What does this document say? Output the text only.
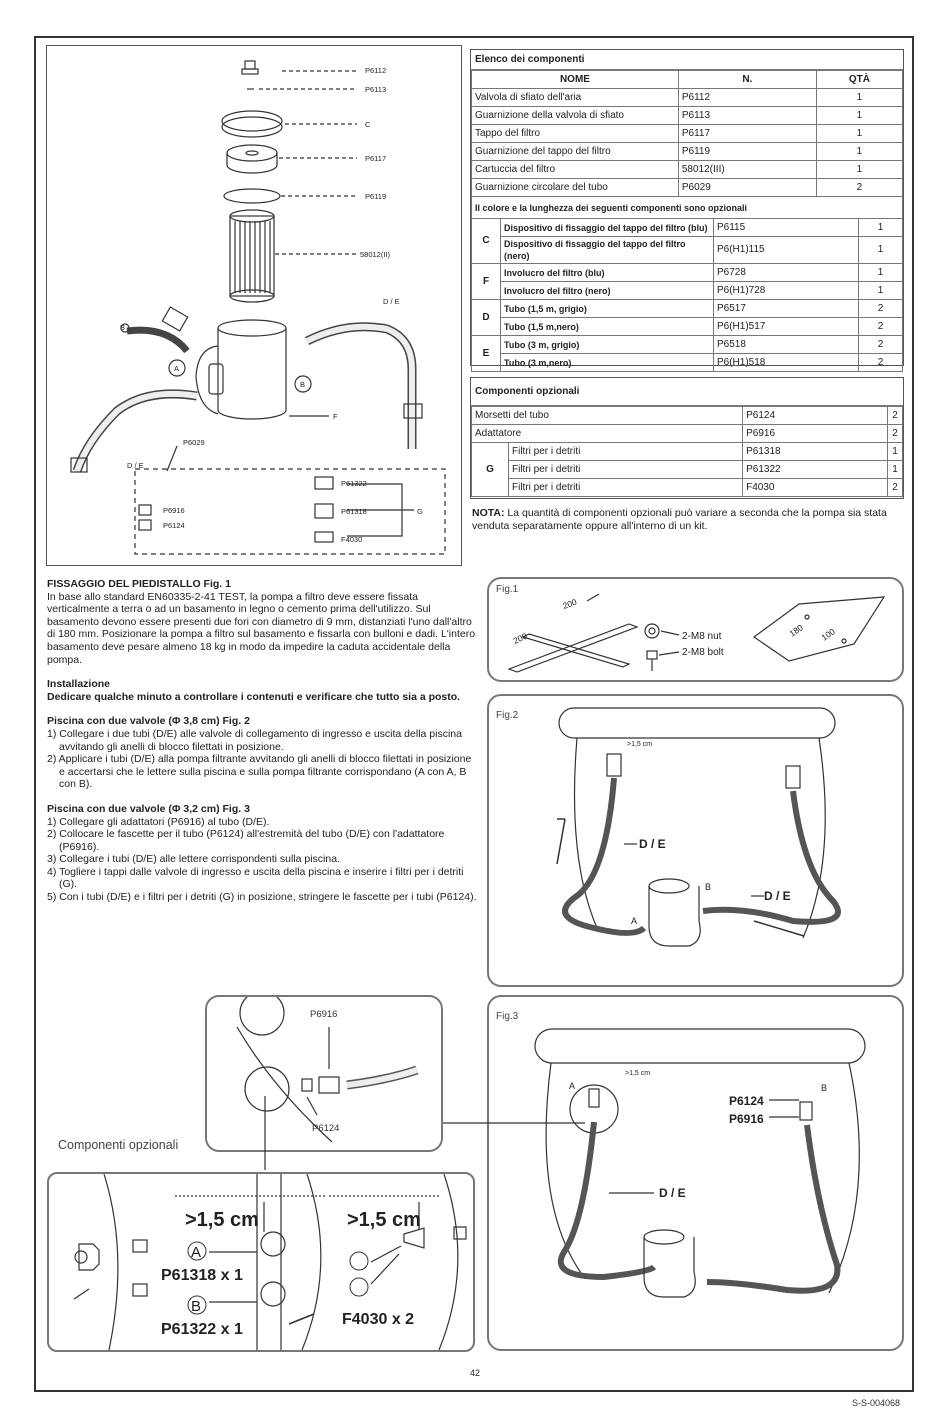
P6112
P6113
C
P6117
P6119
58012(II)
D / E
B
A
B
F
P6029
D / E
P61322
P61318	G
F4030
P6916
P6124
Elenco dei componenti
NOME	N.	QTÀ
Valvola di sfiato dell'aria	P6112	1
Guarnizione della valvola di sfiato	P6113	1
Tappo del filtro	P6117	1
Guarnizione del tappo del filtro	P6119	1
Cartuccia del filtro	58012(III)	1
Guarnizione circolare del tubo	P6029	2
Il colore e la lunghezza dei seguenti componenti sono opzionali		
C	Dispositivo di fissaggio del tappo del filtro (blu)	P6115	1
	Dispositivo di fissaggio del tappo del filtro (nero)	P6(H1)115	1
F	Involucro del filtro (blu)	P6728	1
	Involucro del filtro (nero)	P6(H1)728	1
D	Tubo (1,5 m, grigio)	P6517	2
	Tubo (1,5 m,nero)	P6(H1)517	2
E	Tubo (3 m, grigio)	P6518	2
	Tubo (3 m,nero)	P6(H1)518	2
Componenti opzionali
Morsetti del tubo		P6124	2
Adattatore		P6916	2
G	Filtri per i detriti	P61318	1
	Filtri per i detriti	P61322	1
	Filtri per i detriti	F4030	2
NOTA: La quantità di componenti opzionali può variare a seconda che la pompa sia stata venduta separatamente oppure all'interno di un kit.
FISSAGGIO DEL PIEDISTALLO Fig. 1
In base allo standard EN60335-2-41 TEST, la pompa a filtro deve essere fissata verticalmente a terra o ad un basamento in legno o cemento prima dell'utilizzo. Sul basamento devono essere presenti due fori con diametro di 9 mm, distanziati l'uno dall'altro di 180 mm. Posizionare la pompa a filtro sul basamento e fissarla con bulloni e dadi. L'intero basamento deve pesare almeno 18 kg in modo da impedire la caduta accidentale della pompa.
Installazione
Dedicare qualche minuto a controllare i contenuti e verificare che tutto sia a posto.
Piscina con due valvole (Φ 3,8 cm) Fig. 2
1) Collegare i due tubi (D/E) alle valvole di collegamento di ingresso e uscita della piscina avvitando gli anelli di blocco filettati in posizione.
2) Applicare i tubi (D/E) alla pompa filtrante avvitando gli anelli di blocco filettati in posizione e accertarsi che le lettere sulla piscina e sulla pompa filtrante corrispondano (A con A, B con B).
Piscina con due valvole (Φ 3,2 cm) Fig. 3
1) Collegare gli adattatori (P6916) al tubo (D/E).
2) Collocare le fascette per il tubo (P6124) all'estremità del tubo (D/E) con l'adattatore (P6916).
3) Collegare i tubi (D/E) alle lettere corrispondenti sulla piscina.
4) Togliere i tappi dalle valvole di ingresso e uscita della piscina e inserire i filtri per i detriti (G).
5) Con i tubi (D/E) e i filtri per i detriti (G) in posizione, stringere le fascette per i tubi (P6124).
Fig.1
200
200	2-M8 nut
2-M8 bolt
180 100
Fig.2
D / E
D / E
>1,5 cm
A
B
Fig.3
D / E
P6124
P6916
>1,5 cm
A	B
P6916
P6124
Componenti opzionali
>1,5 cm	>1,5 cm
A
P61318 x 1
B
P61322 x 1
F4030 x 2
42
S-S-004068
